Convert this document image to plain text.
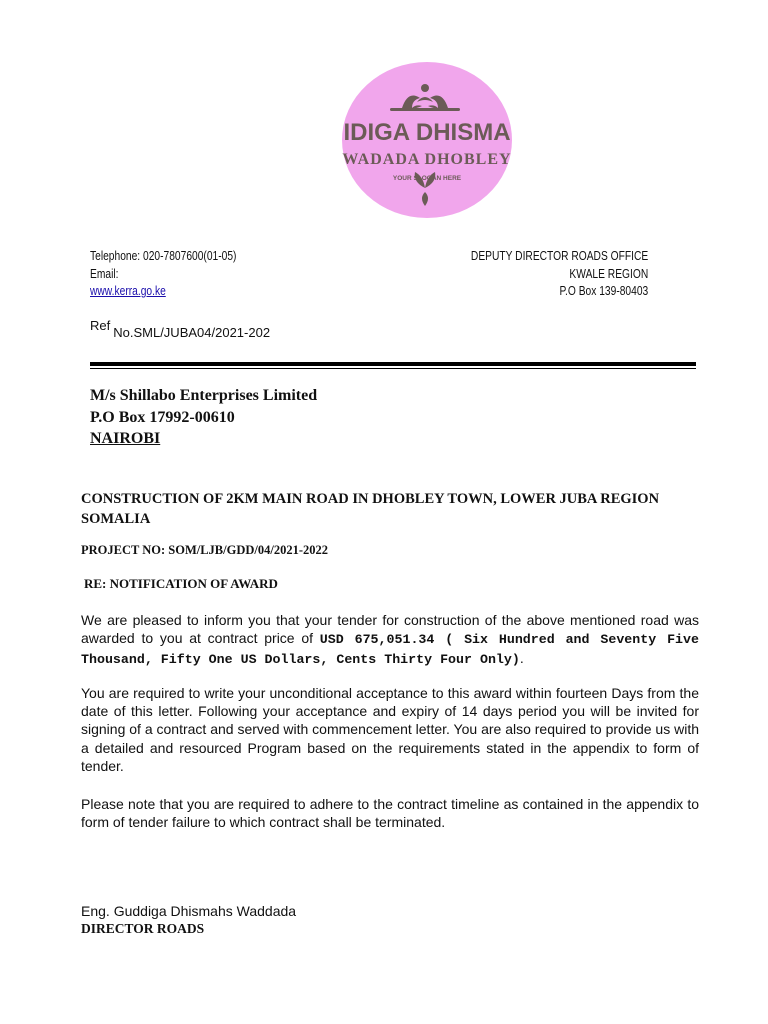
IDIGA DHISMA
WADADA DHOBLEY
YOUR SLOGAN HERE
Telephone: 020-7807600(01-05)
Email:
www.kerra.go.ke
DEPUTY DIRECTOR ROADS OFFICE
KWALE REGION
P.O Box 139-80403
Ref No.SML/JUBA04/2021-202
M/s Shillabo Enterprises Limited
P.O Box 17992-00610
NAIROBI
CONSTRUCTION OF 2KM MAIN ROAD IN DHOBLEY TOWN, LOWER JUBA REGION SOMALIA
PROJECT NO: SOM/LJB/GDD/04/2021-2022
RE: NOTIFICATION OF AWARD
We are pleased to inform you that your tender for construction of the above mentioned road was awarded to you at contract price of USD 675,051.34 ( Six Hundred and Seventy Five Thousand, Fifty One US Dollars, Cents Thirty Four Only).
You are required to write your unconditional acceptance to this award within fourteen Days from the date of this letter. Following your acceptance and expiry of 14 days period you will be invited for signing of a contract and served with commencement letter. You are also required to provide us with a detailed and resourced Program based on the requirements stated in the appendix to form of tender.
Please note that you are required to adhere to the contract timeline as contained in the appendix to form of tender failure to which contract shall be terminated.
Eng. Guddiga Dhismahs Waddada
DIRECTOR ROADS
